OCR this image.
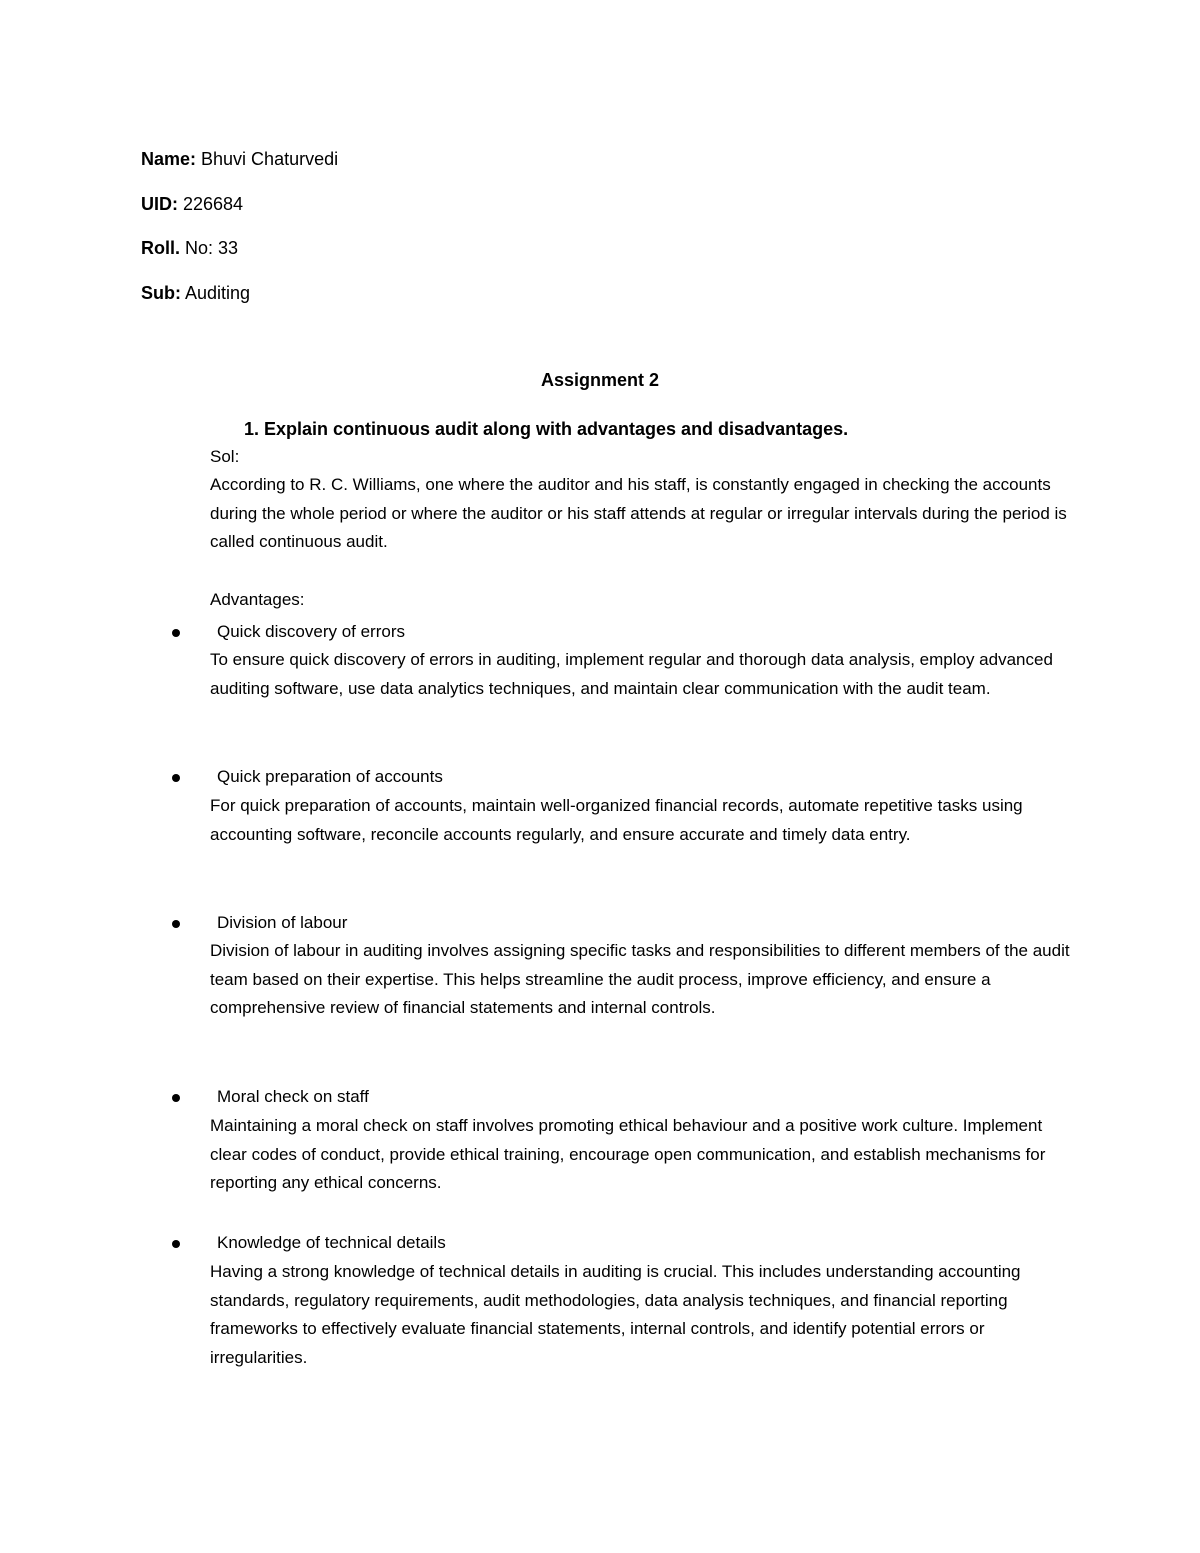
Name: Bhuvi Chaturvedi
UID: 226684
Roll. No: 33
Sub: Auditing
Assignment 2
1. Explain continuous audit along with advantages and disadvantages.
Sol:
According to R. C. Williams, one where the auditor and his staff, is constantly engaged in checking the accounts during the whole period or where the auditor or his staff attends at regular or irregular intervals during the period is called continuous audit.
Advantages:
Quick discovery of errors
To ensure quick discovery of errors in auditing, implement regular and thorough data analysis, employ advanced auditing software, use data analytics techniques, and maintain clear communication with the audit team.
Quick preparation of accounts
For quick preparation of accounts, maintain well-organized financial records, automate repetitive tasks using accounting software, reconcile accounts regularly, and ensure accurate and timely data entry.
Division of labour
Division of labour in auditing involves assigning specific tasks and responsibilities to different members of the audit team based on their expertise. This helps streamline the audit process, improve efficiency, and ensure a comprehensive review of financial statements and internal controls.
Moral check on staff
Maintaining a moral check on staff involves promoting ethical behaviour and a positive work culture. Implement clear codes of conduct, provide ethical training, encourage open communication, and establish mechanisms for reporting any ethical concerns.
Knowledge of technical details
Having a strong knowledge of technical details in auditing is crucial. This includes understanding accounting standards, regulatory requirements, audit methodologies, data analysis techniques, and financial reporting frameworks to effectively evaluate financial statements, internal controls, and identify potential errors or irregularities.
